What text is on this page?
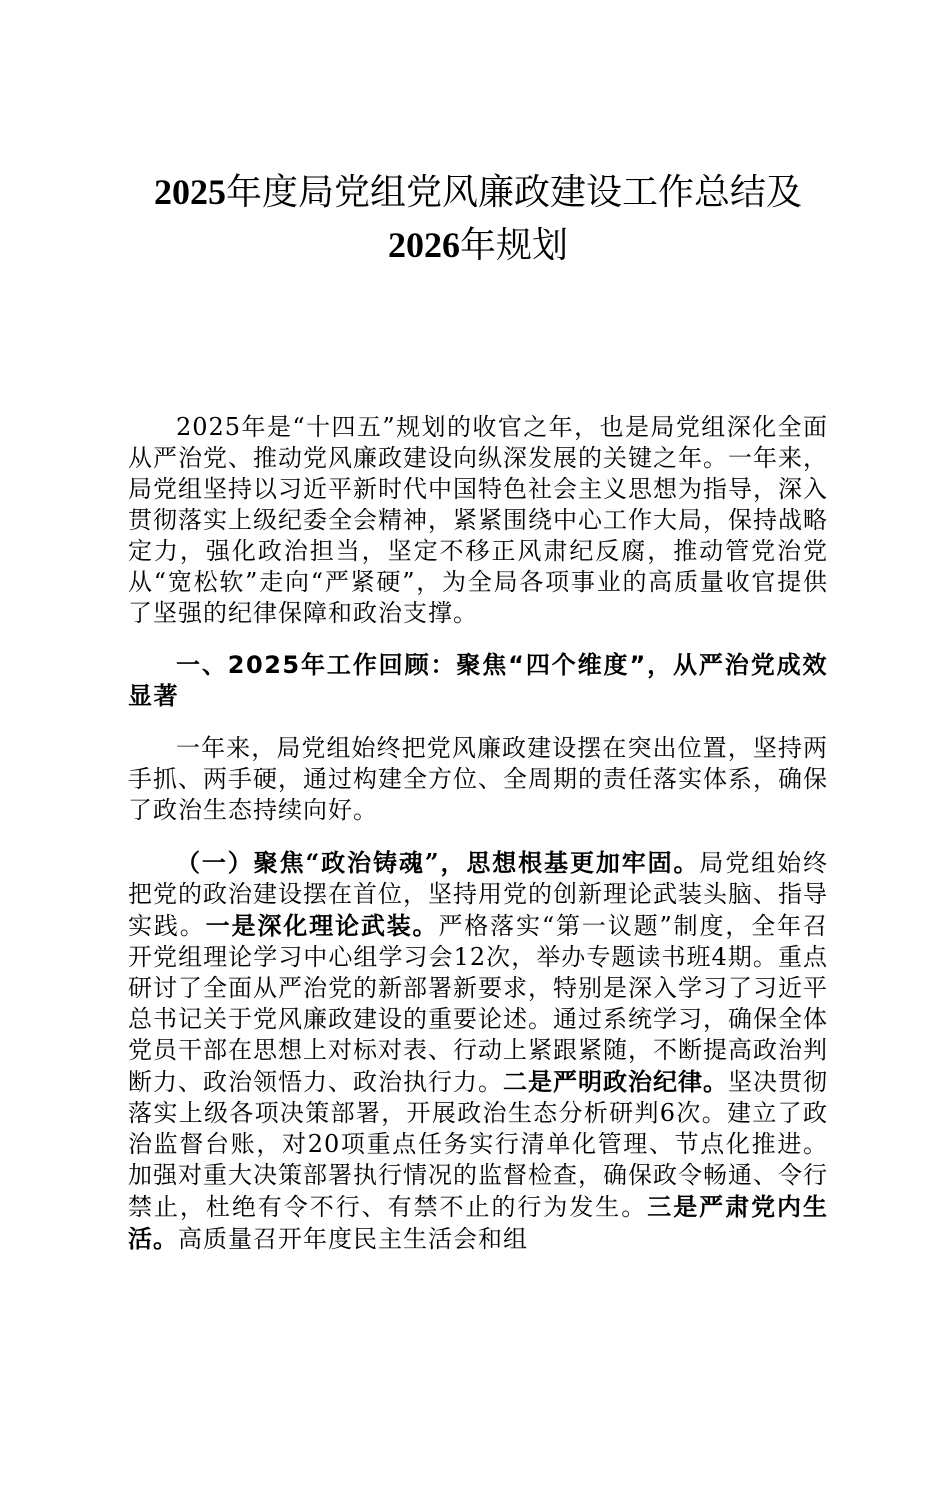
2025年度局党组党风廉政建设工作总结及
2026年规划

2025年是“十四五”规划的收官之年，也是局党组深化全面从严治党、推动党风廉政建设向纵深发展的关键之年。一年来，局党组坚持以习近平新时代中国特色社会主义思想为指导，深入贯彻落实上级纪委全会精神，紧紧围绕中心工作大局，保持战略定力，强化政治担当，坚定不移正风肃纪反腐，推动管党治党从“宽松软”走向“严紧硬”，为全局各项事业的高质量收官提供了坚强的纪律保障和政治支撑。

一、2025年工作回顾：聚焦“四个维度”，从严治党成效显著

一年来，局党组始终把党风廉政建设摆在突出位置，坚持两手抓、两手硬，通过构建全方位、全周期的责任落实体系，确保了政治生态持续向好。

（一）聚焦“政治铸魂”，思想根基更加牢固。局党组始终把党的政治建设摆在首位，坚持用党的创新理论武装头脑、指导实践。一是深化理论武装。严格落实“第一议题”制度，全年召开党组理论学习中心组学习会12次，举办专题读书班4期。重点研讨了全面从严治党的新部署新要求，特别是深入学习了习近平总书记关于党风廉政建设的重要论述。通过系统学习，确保全体党员干部在思想上对标对表、行动上紧跟紧随，不断提高政治判断力、政治领悟力、政治执行力。二是严明政治纪律。坚决贯彻落实上级各项决策部署，开展政治生态分析研判6次。建立了政治监督台账，对20项重点任务实行清单化管理、节点化推进。加强对重大决策部署执行情况的监督检查，确保政令畅通、令行禁止，杜绝有令不行、有禁不止的行为发生。三是严肃党内生活。高质量召开年度民主生活会和组
